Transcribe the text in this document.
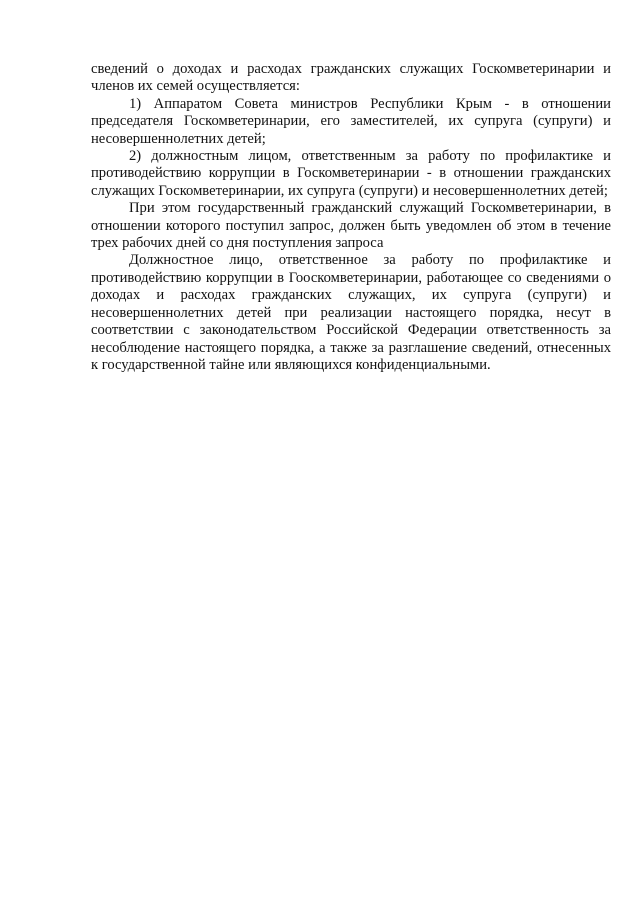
сведений о доходах и расходах гражданских служащих Госкомветеринарии и членов их семей осуществляется:

1) Аппаратом Совета министров Республики Крым - в отношении председателя Госкомветеринарии, его заместителей, их супруга (супруги) и несовершеннолетних детей;

2) должностным лицом, ответственным за работу по профилактике и противодействию коррупции в Госкомветеринарии - в отношении гражданских служащих Госкомветеринарии, их супруга (супруги) и несовершеннолетних детей;

При этом государственный гражданский служащий Госкомветеринарии, в отношении которого поступил запрос, должен быть уведомлен об этом в течение трех рабочих дней со дня поступления запроса

Должностное лицо, ответственное за работу по профилактике и противодействию коррупции в Гооскомветеринарии, работающее со сведениями о доходах и расходах гражданских служащих, их супруга (супруги) и несовершеннолетних детей при реализации настоящего порядка, несут в соответствии с законодательством Российской Федерации ответственность за несоблюдение настоящего порядка, а также за разглашение сведений, отнесенных к государственной тайне или являющихся конфиденциальными.
